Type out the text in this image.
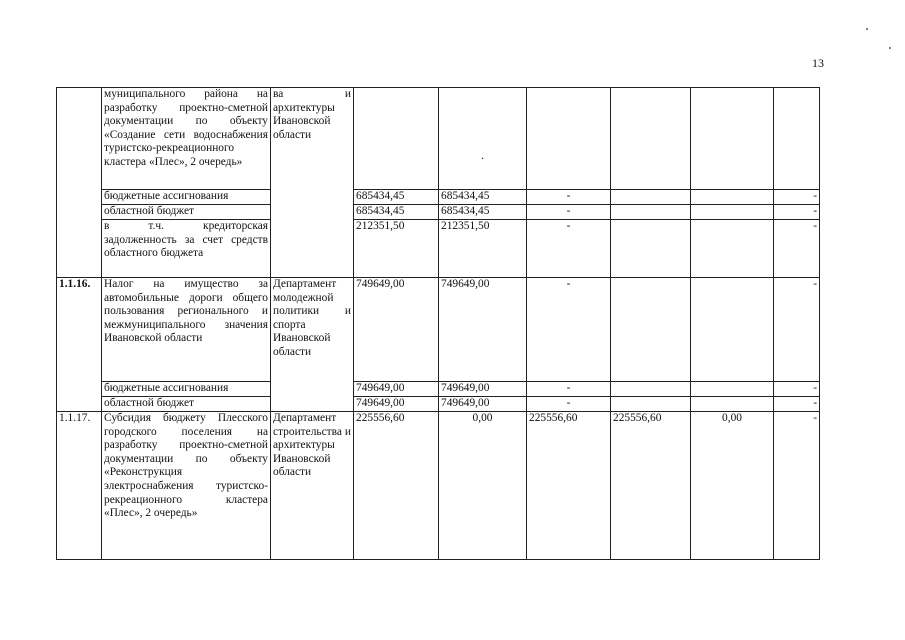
13
	муниципального района на разработку проектно-сметной документации по объекту «Создание сети водоснабжения туристско-рекреационного кластера «Плес», 2 очередь»	ва и архитектуры Ивановской области		.				

	бюджетные ассигнования		685434,45	685434,45	-			-
	областной бюджет		685434,45	685434,45	-			-
	в т.ч. кредиторская задолженность за счет средств областного бюджета		212351,50	212351,50	-			-
1.1.16.	Налог на имущество за автомобильные дороги общего пользования регионального и межмуниципального значения Ивановской области	Департамент молодежной политики и спорта Ивановской области	749649,00	749649,00	-			-
	бюджетные ассигнования		749649,00	749649,00	-			-
	областной бюджет		749649,00	749649,00	-			-
1.1.17.	Субсидия бюджету Плесского городского поселения на разработку проектно-сметной документации по объекту «Реконструкция электроснабжения туристско-рекреационного кластера «Плес», 2 очередь»	Департамент строительства и архитектуры Ивановской области	225556,60	0,00	225556,60	225556,60	0,00	-
